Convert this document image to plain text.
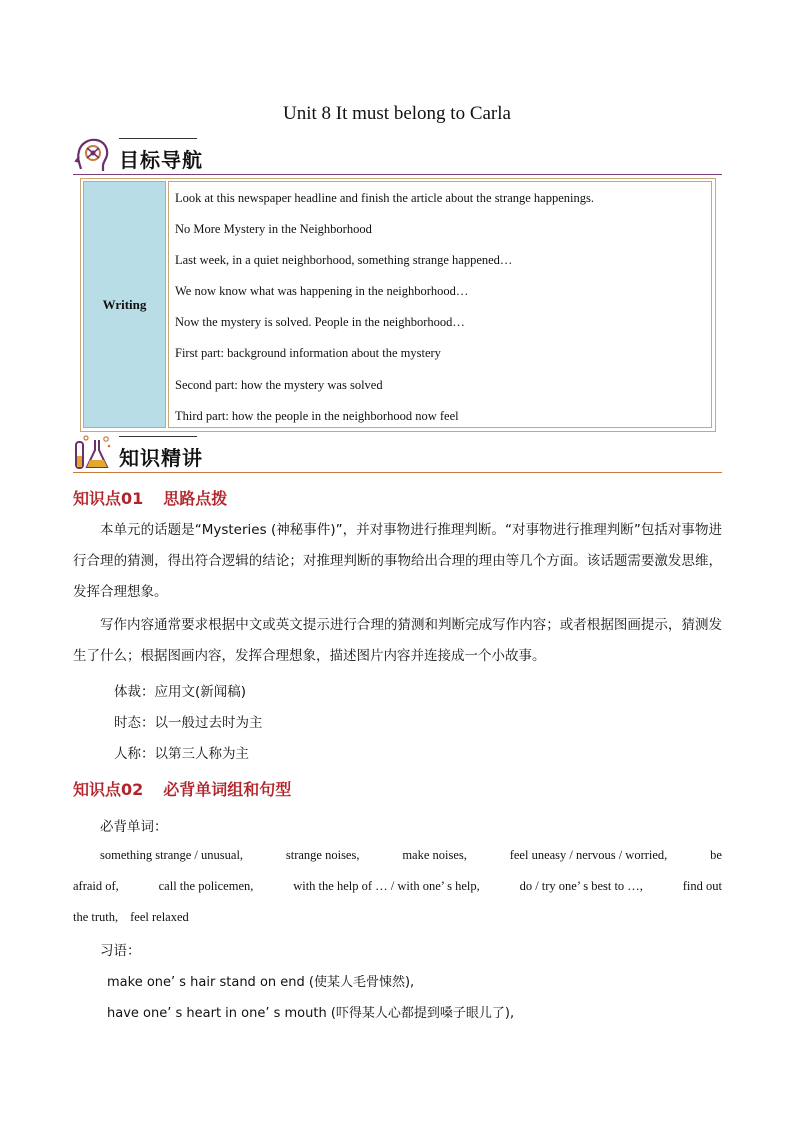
Unit 8 It must belong to Carla
目标导航
Writing
Look at this newspaper headline and finish the article about the strange happenings.
No More Mystery in the Neighborhood
Last week, in a quiet neighborhood, something strange happened…
We now know what was happening in the neighborhood…
Now the mystery is solved. People in the neighborhood…
First part: background information about the mystery
Second part: how the mystery was solved
Third part: how the people in the neighborhood now feel
知识精讲
知识点01 思路点拨
本单元的话题是“Mysteries (神秘事件)”，并对事物进行推理判断。“对事物进行推理判断”包括对事物进行合理的猜测，得出符合逻辑的结论；对推理判断的事物给出合理的理由等几个方面。该话题需要激发思维，发挥合理想象。
写作内容通常要求根据中文或英文提示进行合理的猜测和判断完成写作内容；或者根据图画提示，猜测发生了什么；根据图画内容，发挥合理想象，描述图片内容并连接成一个小故事。
体裁：应用文(新闻稿)
时态：以一般过去时为主
人称：以第三人称为主
知识点02 必背单词组和句型
必背单词：
something strange / unusual,	strange noises,	make noises,	feel uneasy / nervous / worried,	be
afraid of,	call the policemen,	with the help of … / with one’ s help,	do / try one’ s best to …,	find out
the truth, feel relaxed
习语：
make one’ s hair stand on end (使某人毛骨悚然),
have one’ s heart in one’ s mouth (吓得某人心都提到嗓子眼儿了),
